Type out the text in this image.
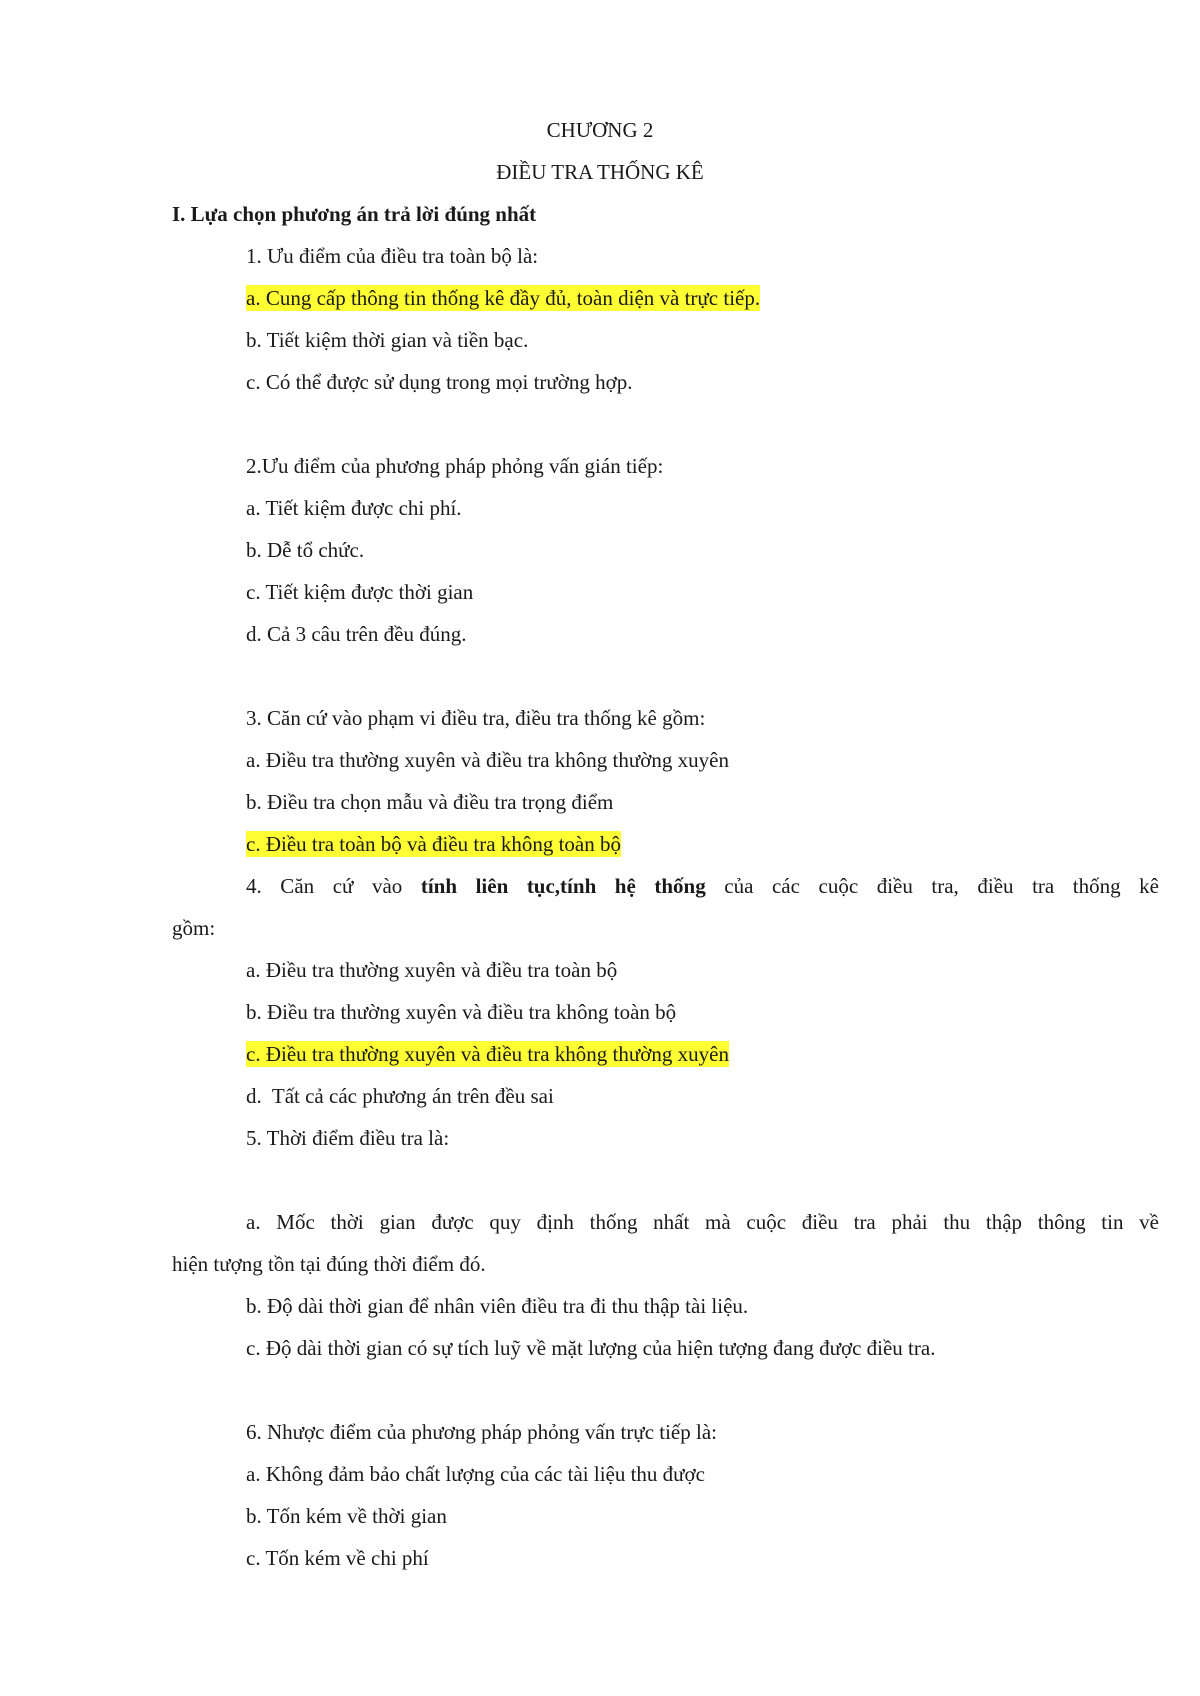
CHƯƠNG 2
ĐIỀU TRA THỐNG KÊ
I. Lựa chọn phương án trả lời đúng nhất
1. Ưu điểm của điều tra toàn bộ là:
a. Cung cấp thông tin thống kê đầy đủ, toàn diện và trực tiếp.
b. Tiết kiệm thời gian và tiền bạc.
c. Có thể được sử dụng trong mọi trường hợp.
2.Ưu điểm của phương pháp phỏng vấn gián tiếp:
a. Tiết kiệm được chi phí.
b. Dễ tổ chức.
c. Tiết kiệm được thời gian
d. Cả 3 câu trên đều đúng.
3. Căn cứ vào phạm vi điều tra, điều tra thống kê gồm:
a. Điều tra thường xuyên và điều tra không thường xuyên
b. Điều tra chọn mẫu và điều tra trọng điểm
c. Điều tra toàn bộ và điều tra không toàn bộ
4. Căn cứ vào tính liên tục,tính hệ thống của các cuộc điều tra, điều tra thống kê
gồm:
a. Điều tra thường xuyên và điều tra toàn bộ
b. Điều tra thường xuyên và điều tra không toàn bộ
c. Điều tra thường xuyên và điều tra không thường xuyên
d.  Tất cả các phương án trên đều sai
5. Thời điểm điều tra là:
a. Mốc thời gian được quy định thống nhất mà cuộc điều tra phải thu thập thông tin về
hiện tượng tồn tại đúng thời điểm đó.
b. Độ dài thời gian để nhân viên điều tra đi thu thập tài liệu.
c. Độ dài thời gian có sự tích luỹ về mặt lượng của hiện tượng đang được điều tra.
6. Nhược điểm của phương pháp phỏng vấn trực tiếp là:
a. Không đảm bảo chất lượng của các tài liệu thu được
b. Tốn kém về thời gian
c. Tốn kém về chi phí
